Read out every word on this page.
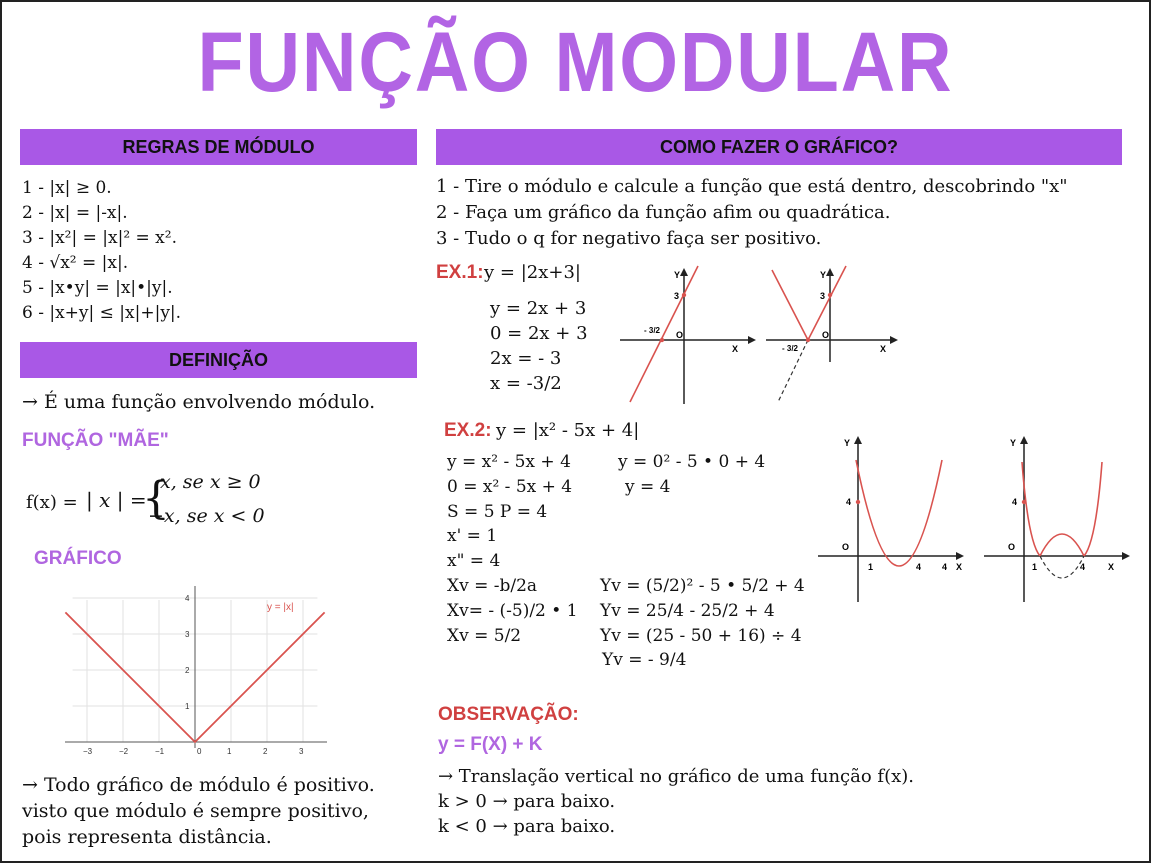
FUNÇÃO MODULAR
REGRAS DE MÓDULO
1 - |x| ≥ 0.
2 - |x| = |-x|.
3 - |x²| = |x|² = x².
4 - √x² = |x|.
5 - |x•y| = |x|•|y|.
6 - |x+y| ≤ |x|+|y|.
DEFINIÇÃO
→ É uma função envolvendo módulo.
FUNÇÃO "MÃE"
f(x) = | x | =
{
x, se x ≥ 0
−x, se x < 0
GRÁFICO
y = |x|
−3	−2	−1	0	1	2	3
1
2
3
4
→ Todo gráfico de módulo é positivo.
visto que módulo é sempre positivo,
pois representa distância.
COMO FAZER O GRÁFICO?
1 - Tire o módulo e calcule a função que está dentro, descobrindo "x"
2 - Faça um gráfico da função afim ou quadrática.
3 - Tudo o q for negativo faça ser positivo.
EX.1: y = |2x+3|
y = 2x + 3
0 = 2x + 3
2x = - 3
x = -3/2
Y
3
O
- 3/2
X
Y
3
O
- 3/2	X
EX.2: y = |x² - 5x + 4|
y = x² - 5x + 4
0 = x² - 5x + 4
S = 5 P = 4
x' = 1
x" = 4
Xv = -b/2a
Xv= - (-5)/2 • 1
Xv = 5/2
y = 0² - 5 • 0 + 4
y = 4
Yv = (5/2)² - 5 • 5/2 + 4
Yv = 25/4 - 25/2 + 4
Yv = (25 - 50 + 16) ÷ 4
Yv = - 9/4
Y
4
O
1	4 4 X
Y
4
O
1	4	X
OBSERVAÇÃO:
y = F(X) + K
→ Translação vertical no gráfico de uma função f(x).
k > 0 → para baixo.
k < 0 → para baixo.
